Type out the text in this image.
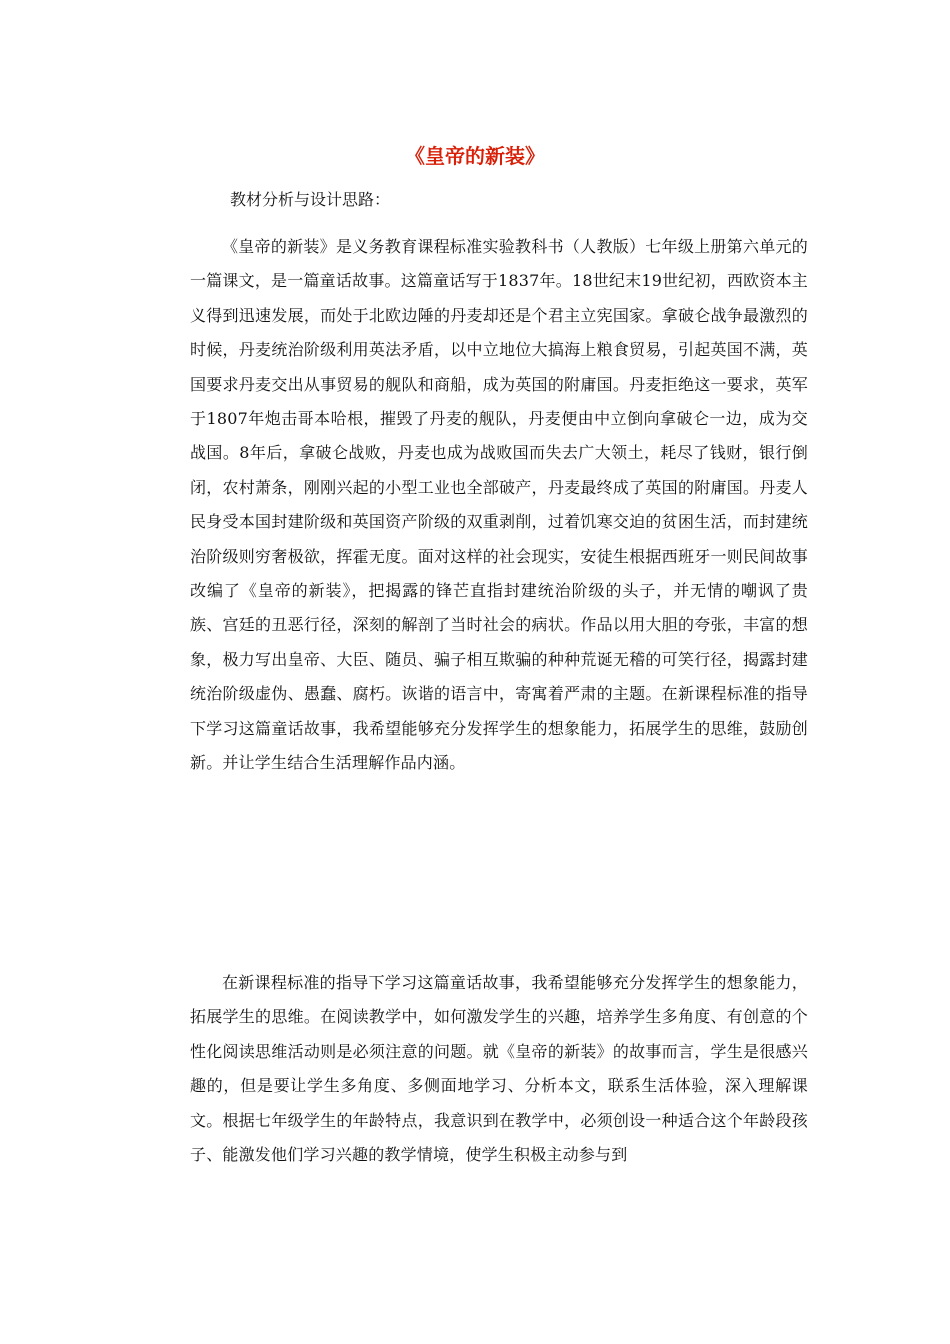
《皇帝的新装》

教材分析与设计思路：

《皇帝的新装》是义务教育课程标准实验教科书（人教版）七年级上册第六单元的一篇课文，是一篇童话故事。这篇童话写于1837年。18世纪末19世纪初，西欧资本主义得到迅速发展，而处于北欧边陲的丹麦却还是个君主立宪国家。拿破仑战争最激烈的时候，丹麦统治阶级利用英法矛盾，以中立地位大搞海上粮食贸易，引起英国不满，英国要求丹麦交出从事贸易的舰队和商船，成为英国的附庸国。丹麦拒绝这一要求，英军于1807年炮击哥本哈根，摧毁了丹麦的舰队，丹麦便由中立倒向拿破仑一边，成为交战国。8年后，拿破仑战败，丹麦也成为战败国而失去广大领土，耗尽了钱财，银行倒闭，农村萧条，刚刚兴起的小型工业也全部破产，丹麦最终成了英国的附庸国。丹麦人民身受本国封建阶级和英国资产阶级的双重剥削，过着饥寒交迫的贫困生活，而封建统治阶级则穷奢极欲，挥霍无度。面对这样的社会现实，安徒生根据西班牙一则民间故事改编了《皇帝的新装》，把揭露的锋芒直指封建统治阶级的头子，并无情的嘲讽了贵族、宫廷的丑恶行径，深刻的解剖了当时社会的病状。作品以用大胆的夸张，丰富的想象，极力写出皇帝、大臣、随员、骗子相互欺骗的种种荒诞无稽的可笑行径，揭露封建统治阶级虚伪、愚蠢、腐朽。诙谐的语言中，寄寓着严肃的主题。在新课程标准的指导下学习这篇童话故事，我希望能够充分发挥学生的想象能力，拓展学生的思维，鼓励创新。并让学生结合生活理解作品内涵。

在新课程标准的指导下学习这篇童话故事，我希望能够充分发挥学生的想象能力，拓展学生的思维。在阅读教学中，如何激发学生的兴趣，培养学生多角度、有创意的个性化阅读思维活动则是必须注意的问题。就《皇帝的新装》的故事而言，学生是很感兴趣的，但是要让学生多角度、多侧面地学习、分析本文，联系生活体验，深入理解课文。根据七年级学生的年龄特点，我意识到在教学中，必须创设一种适合这个年龄段孩子、能激发他们学习兴趣的教学情境，使学生积极主动参与到
